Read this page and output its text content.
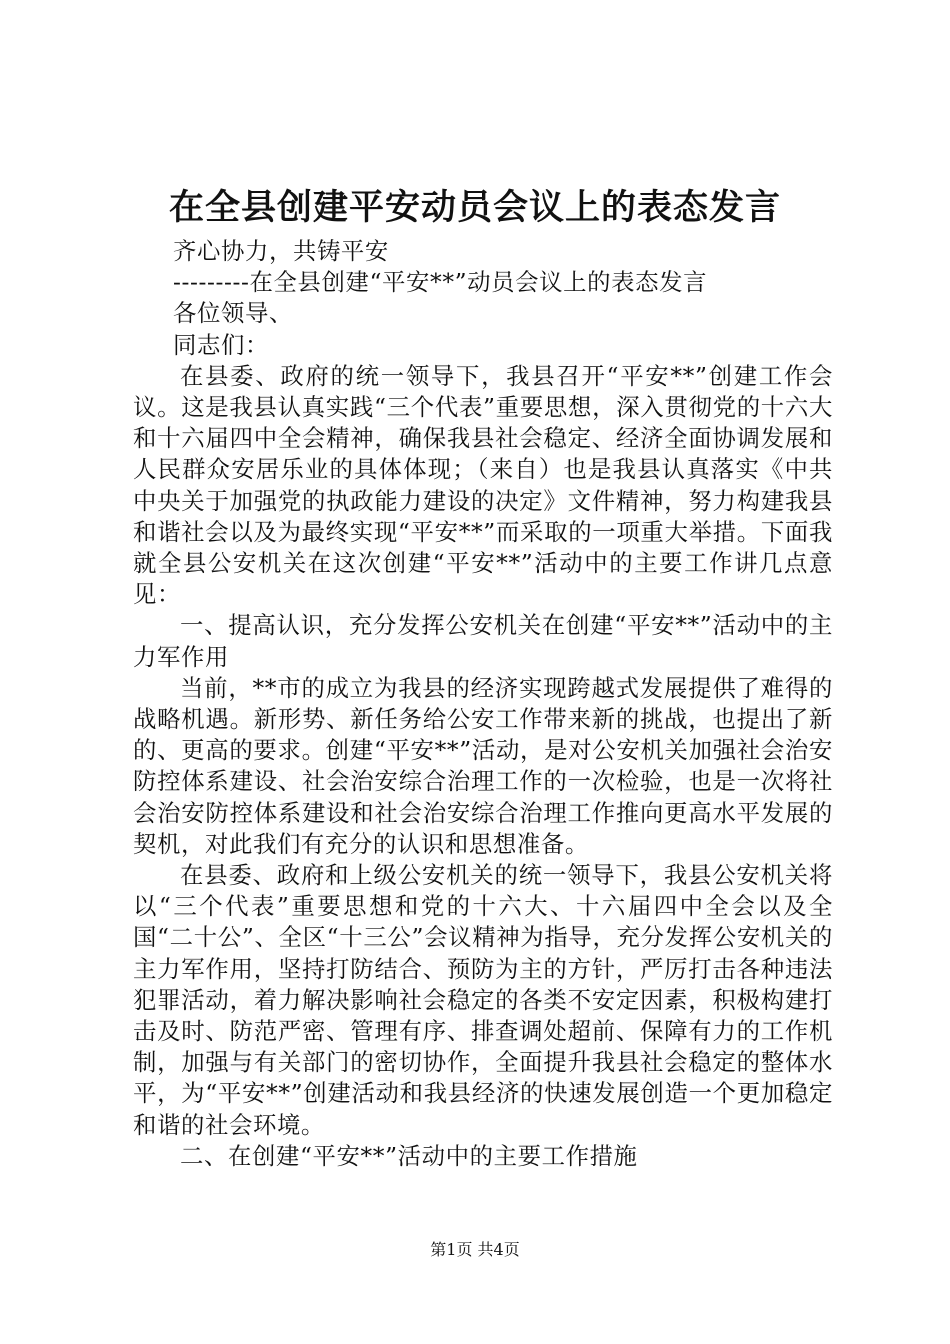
在全县创建平安动员会议上的表态发言

齐心协力，共铸平安

---------在全县创建“平安**”动员会议上的表态发言

各位领导、

同志们：

在县委、政府的统一领导下，我县召开“平安**”创建工作会议。这是我县认真实践“三个代表”重要思想，深入贯彻党的十六大和十六届四中全会精神，确保我县社会稳定、经济全面协调发展和人民群众安居乐业的具体体现；（来自）也是我县认真落实《中共中央关于加强党的执政能力建设的决定》文件精神，努力构建我县和谐社会以及为最终实现“平安**”而采取的一项重大举措。下面我就全县公安机关在这次创建“平安**”活动中的主要工作讲几点意见：

一、提高认识，充分发挥公安机关在创建“平安**”活动中的主力军作用

当前，**市的成立为我县的经济实现跨越式发展提供了难得的战略机遇。新形势、新任务给公安工作带来新的挑战，也提出了新的、更高的要求。创建“平安**”活动，是对公安机关加强社会治安防控体系建设、社会治安综合治理工作的一次检验，也是一次将社会治安防控体系建设和社会治安综合治理工作推向更高水平发展的契机，对此我们有充分的认识和思想准备。

在县委、政府和上级公安机关的统一领导下，我县公安机关将以“三个代表”重要思想和党的十六大、十六届四中全会以及全国“二十公”、全区“十三公”会议精神为指导，充分发挥公安机关的主力军作用，坚持打防结合、预防为主的方针，严厉打击各种违法犯罪活动，着力解决影响社会稳定的各类不安定因素，积极构建打击及时、防范严密、管理有序、排查调处超前、保障有力的工作机制，加强与有关部门的密切协作，全面提升我县社会稳定的整体水平，为“平安**”创建活动和我县经济的快速发展创造一个更加稳定和谐的社会环境。

二、在创建“平安**”活动中的主要工作措施

第1页 共4页
